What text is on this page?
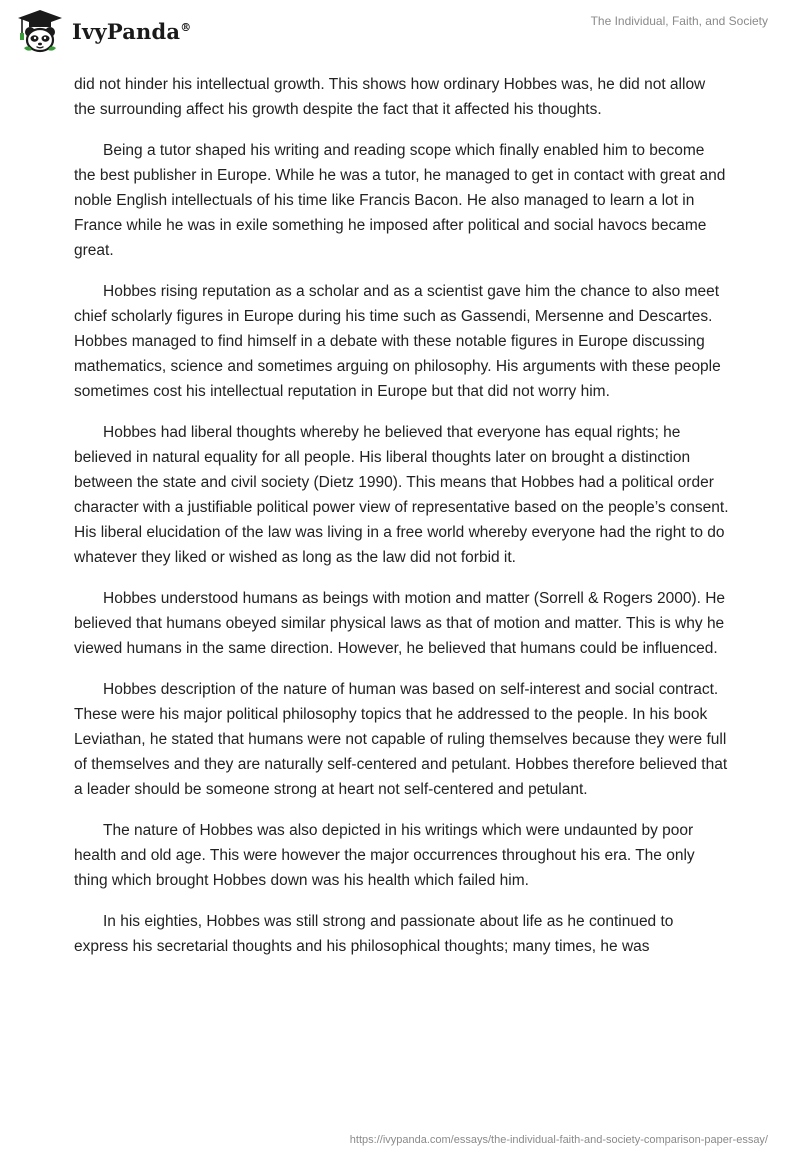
IvyPanda®	The Individual, Faith, and Society

did not hinder his intellectual growth. This shows how ordinary Hobbes was, he did not allow the surrounding affect his growth despite the fact that it affected his thoughts.

Being a tutor shaped his writing and reading scope which finally enabled him to become the best publisher in Europe. While he was a tutor, he managed to get in contact with great and noble English intellectuals of his time like Francis Bacon. He also managed to learn a lot in France while he was in exile something he imposed after political and social havocs became great.

Hobbes rising reputation as a scholar and as a scientist gave him the chance to also meet chief scholarly figures in Europe during his time such as Gassendi, Mersenne and Descartes. Hobbes managed to find himself in a debate with these notable figures in Europe discussing mathematics, science and sometimes arguing on philosophy. His arguments with these people sometimes cost his intellectual reputation in Europe but that did not worry him.

Hobbes had liberal thoughts whereby he believed that everyone has equal rights; he believed in natural equality for all people. His liberal thoughts later on brought a distinction between the state and civil society (Dietz 1990). This means that Hobbes had a political order character with a justifiable political power view of representative based on the people’s consent. His liberal elucidation of the law was living in a free world whereby everyone had the right to do whatever they liked or wished as long as the law did not forbid it.

Hobbes understood humans as beings with motion and matter (Sorrell & Rogers 2000). He believed that humans obeyed similar physical laws as that of motion and matter. This is why he viewed humans in the same direction. However, he believed that humans could be influenced.

Hobbes description of the nature of human was based on self-interest and social contract. These were his major political philosophy topics that he addressed to the people. In his book Leviathan, he stated that humans were not capable of ruling themselves because they were full of themselves and they are naturally self-centered and petulant. Hobbes therefore believed that a leader should be someone strong at heart not self-centered and petulant.

The nature of Hobbes was also depicted in his writings which were undaunted by poor health and old age. This were however the major occurrences throughout his era. The only thing which brought Hobbes down was his health which failed him.

In his eighties, Hobbes was still strong and passionate about life as he continued to express his secretarial thoughts and his philosophical thoughts; many times, he was

https://ivypanda.com/essays/the-individual-faith-and-society-comparison-paper-essay/
